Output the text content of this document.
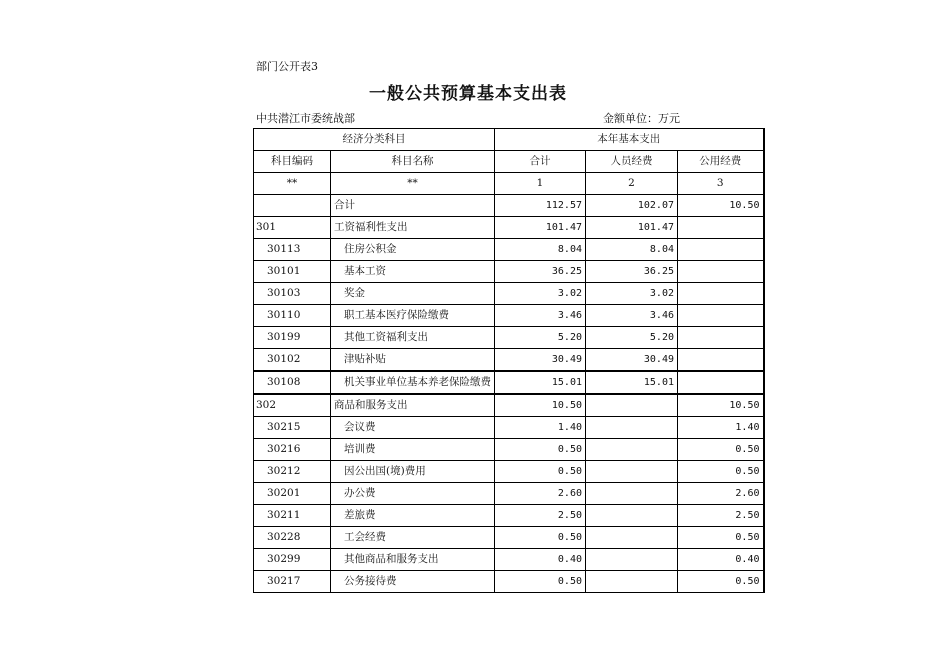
部门公开表3
一般公共预算基本支出表
中共潜江市委统战部	金额单位：万元
经济分类科目		本年基本支出		
科目编码	科目名称	合计	人员经费	公用经费
**	**	1	2	3
	合计	112.57	102.07	10.50
301	工资福利性支出	101.47	101.47	
30113	住房公积金	8.04	8.04	
30101	基本工资	36.25	36.25	
30103	奖金	3.02	3.02	
30110	职工基本医疗保险缴费	3.46	3.46	
30199	其他工资福利支出	5.20	5.20	
30102	津贴补贴	30.49	30.49	
30108	机关事业单位基本养老保险缴费	15.01	15.01	
302	商品和服务支出	10.50		10.50
30215	会议费	1.40		1.40
30216	培训费	0.50		0.50
30212	因公出国(境)费用	0.50		0.50
30201	办公费	2.60		2.60
30211	差旅费	2.50		2.50
30228	工会经费	0.50		0.50
30299	其他商品和服务支出	0.40		0.40
30217	公务接待费	0.50		0.50
